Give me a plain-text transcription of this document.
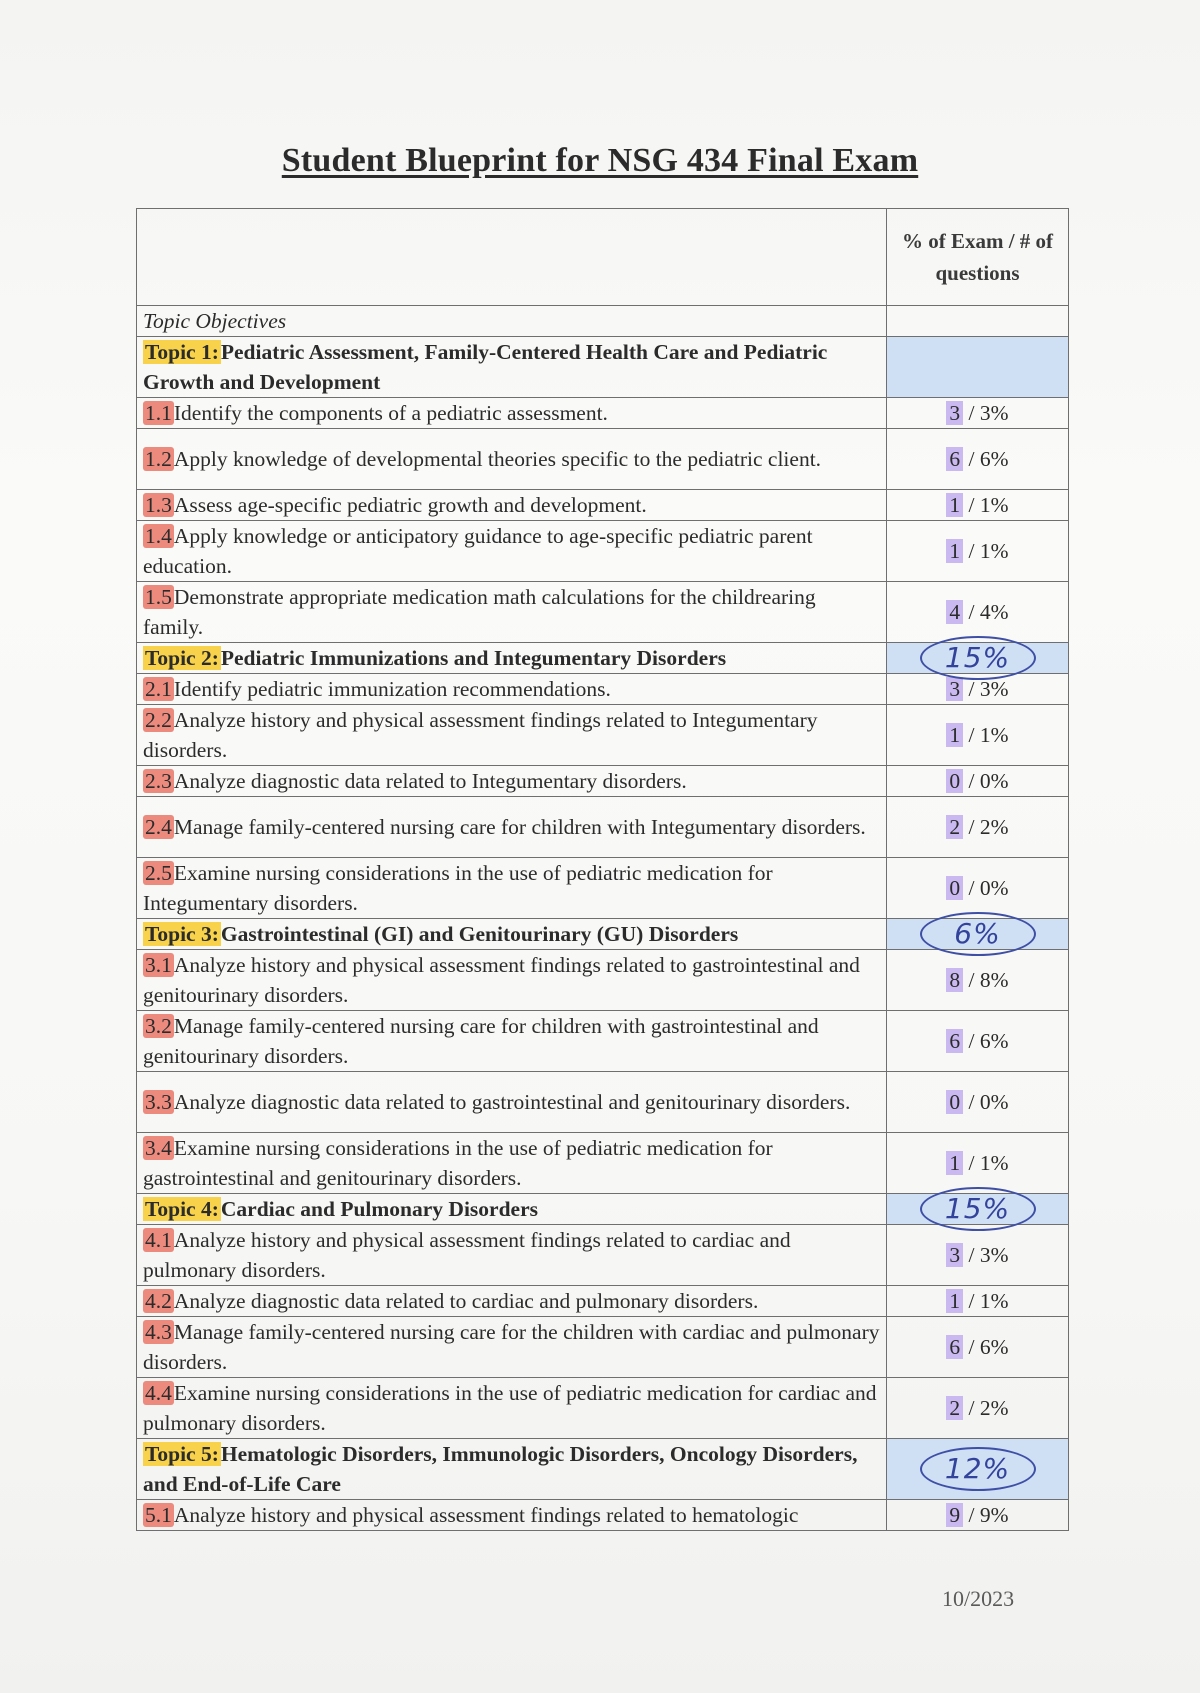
Student Blueprint for NSG 434 Final Exam
	% of Exam / # of questions
Topic Objectives	
Topic 1:Pediatric Assessment, Family-Centered Health Care and Pediatric Growth and Development	
1.1Identify the components of a pediatric assessment.	3 / 3%
1.2Apply knowledge of developmental theories specific to the pediatric client.	6 / 6%
1.3Assess age-specific pediatric growth and development.	1 / 1%
1.4Apply knowledge or anticipatory guidance to age-specific pediatric parent education.	1 / 1%
1.5Demonstrate appropriate medication math calculations for the childrearing family.	4 / 4%
Topic 2:Pediatric Immunizations and Integumentary Disorders	15%

2.1Identify pediatric immunization recommendations.	3 / 3%
2.2Analyze history and physical assessment findings related to Integumentary disorders.	1 / 1%
2.3Analyze diagnostic data related to Integumentary disorders.	0 / 0%
2.4Manage family-centered nursing care for children with Integumentary disorders.	2 / 2%
2.5Examine nursing considerations in the use of pediatric medication for Integumentary disorders.	0 / 0%
Topic 3:Gastrointestinal (GI) and Genitourinary (GU) Disorders	6%

3.1Analyze history and physical assessment findings related to gastrointestinal and genitourinary disorders.	8 / 8%
3.2Manage family-centered nursing care for children with gastrointestinal and genitourinary disorders.	6 / 6%
3.3Analyze diagnostic data related to gastrointestinal and genitourinary disorders.	0 / 0%
3.4Examine nursing considerations in the use of pediatric medication for gastrointestinal and genitourinary disorders.	1 / 1%
Topic 4:Cardiac and Pulmonary Disorders	15%

4.1Analyze history and physical assessment findings related to cardiac and pulmonary disorders.	3 / 3%
4.2Analyze diagnostic data related to cardiac and pulmonary disorders.	1 / 1%
4.3Manage family-centered nursing care for the children with cardiac and pulmonary disorders.	6 / 6%
4.4Examine nursing considerations in the use of pediatric medication for cardiac and pulmonary disorders.	2 / 2%
Topic 5:Hematologic Disorders, Immunologic Disorders, Oncology Disorders, and End-of-Life Care	12%

5.1Analyze history and physical assessment findings related to hematologic	9 / 9%
10/2023
